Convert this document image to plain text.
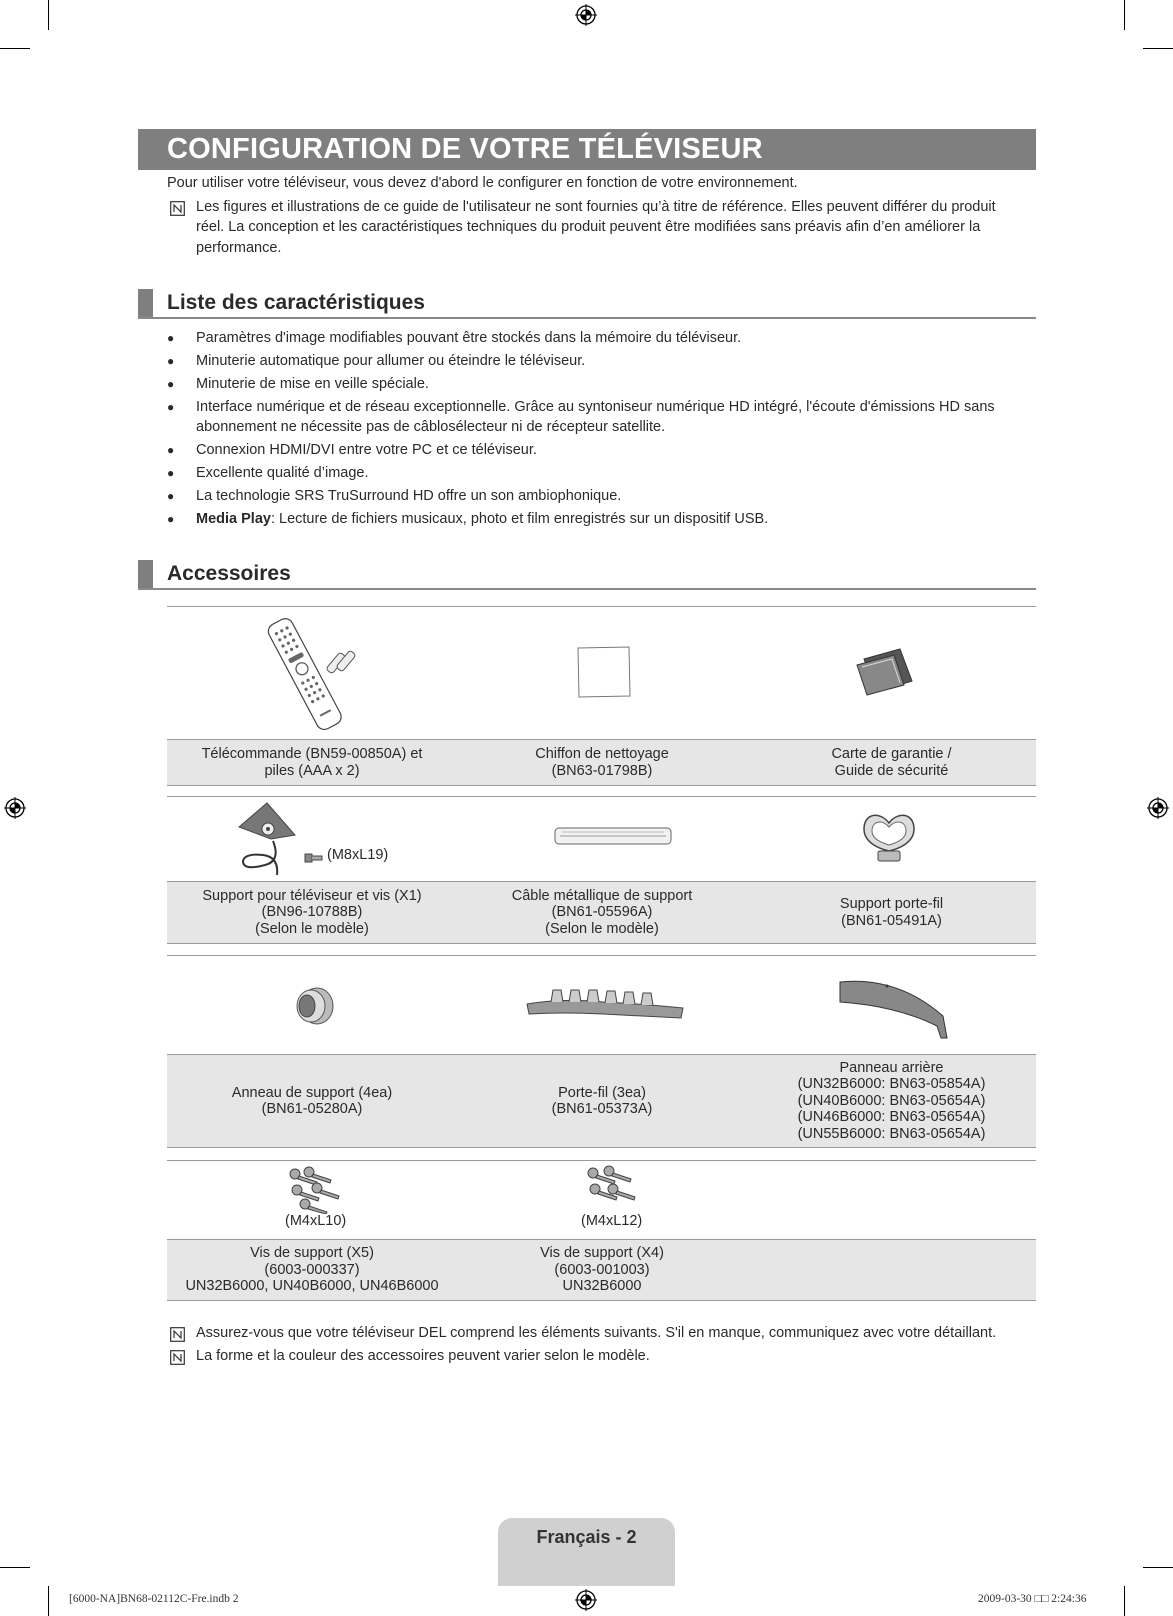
CONFIGURATION DE VOTRE TÉLÉVISEUR
Pour utiliser votre téléviseur, vous devez d'abord le configurer en fonction de votre environnement.
Les figures et illustrations de ce guide de l'utilisateur ne sont fournies qu’à titre de référence. Elles peuvent différer du produit
réel. La conception et les caractéristiques techniques du produit peuvent être modifiées sans préavis afin d’en améliorer la
performance.
Liste des caractéristiques
● Paramètres d'image modifiables pouvant être stockés dans la mémoire du téléviseur.
● Minuterie automatique pour allumer ou éteindre le téléviseur.
● Minuterie de mise en veille spéciale.
● Interface numérique et de réseau exceptionnelle. Grâce au syntoniseur numérique HD intégré, l'écoute d'émissions HD sans
abonnement ne nécessite pas de câblosélecteur ni de récepteur satellite.
● Connexion HDMI/DVI entre votre PC et ce téléviseur.
● Excellente qualité d’image.
● La technologie SRS TruSurround HD offre un son ambiophonique.
● Media Play: Lecture de fichiers musicaux, photo et film enregistrés sur un dispositif USB.
Accessoires
Télécommande (BN59-00850A) et
piles (AAA x 2)
Chiffon de nettoyage
(BN63-01798B)
Carte de garantie /
Guide de sécurité
(M8xL19)
Support pour téléviseur et vis (X1)
(BN96-10788B)
(Selon le modèle)
Câble métallique de support
(BN61-05596A)
(Selon le modèle)
Support porte-fil
(BN61-05491A)
Anneau de support (4ea)
(BN61-05280A)
Porte-fil (3ea)
(BN61-05373A)
Panneau arrière
(UN32B6000: BN63-05854A)
(UN40B6000: BN63-05654A)
(UN46B6000: BN63-05654A)
(UN55B6000: BN63-05654A)
(M4xL10)	(M4xL12)
Vis de support (X5)
(6003-000337)
UN32B6000, UN40B6000, UN46B6000
Vis de support (X4)
(6003-001003)
UN32B6000
Assurez-vous que votre téléviseur DEL comprend les éléments suivants. S'il en manque, communiquez avec votre détaillant.
La forme et la couleur des accessoires peuvent varier selon le modèle.
Français - 2
[6000-NA]BN68-02112C-Fre.indb 2	2009-03-30 □□ 2:24:36
